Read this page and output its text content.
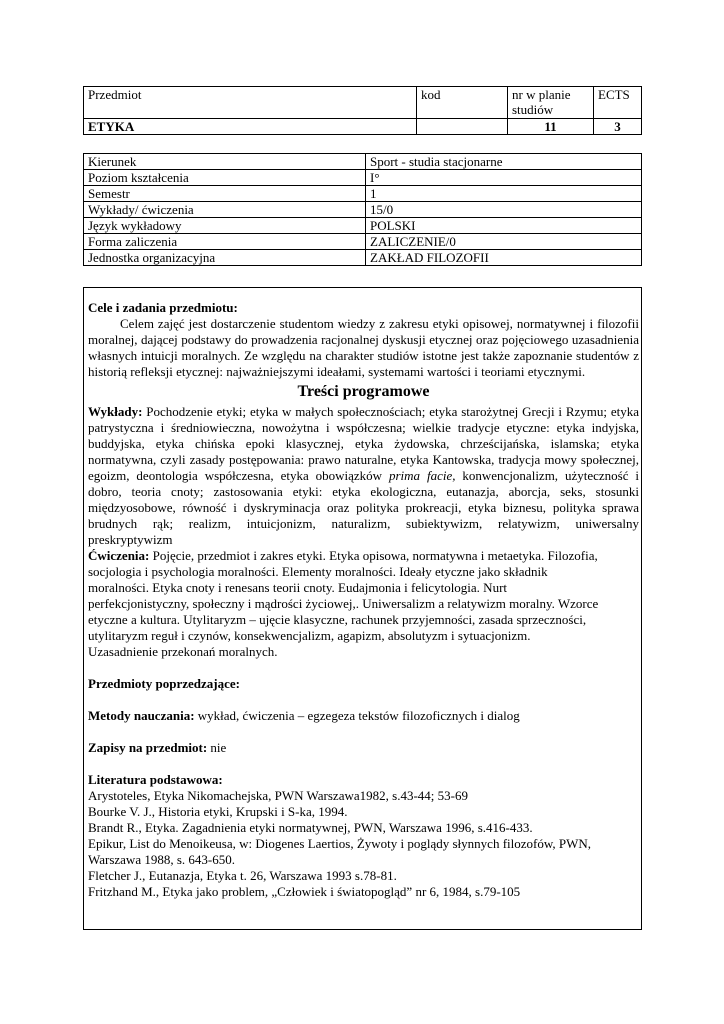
Przedmiot	kod	nr w planie studiów	ECTS
ETYKA		11	3
Kierunek	Sport - studia stacjonarne
Poziom kształcenia	I°
Semestr	1
Wykłady/ ćwiczenia	15/0
Język wykładowy	POLSKI
Forma zaliczenia	ZALICZENIE/0
Jednostka organizacyjna	ZAKŁAD FILOZOFII

Cele i zadania przedmiotu:

Celem zajęć jest dostarczenie studentom wiedzy z zakresu etyki opisowej, normatywnej i filozofii moralnej, dającej podstawy do prowadzenia racjonalnej dyskusji etycznej oraz pojęciowego uzasadnienia własnych intuicji moralnych. Ze względu na charakter studiów istotne jest także zapoznanie studentów z historią refleksji etycznej: najważniejszymi ideałami, systemami wartości i teoriami etycznymi.

Treści programowe

Wykłady: Pochodzenie etyki; etyka w małych społecznościach; etyka starożytnej Grecji i Rzymu; etyka patrystyczna i średniowieczna, nowożytna i współczesna; wielkie tradycje etyczne: etyka indyjska, buddyjska, etyka chińska epoki klasycznej, etyka żydowska, chrześcijańska, islamska; etyka normatywna, czyli zasady postępowania: prawo naturalne, etyka Kantowska, tradycja mowy społecznej, egoizm, deontologia współczesna, etyka obowiązków prima facie, konwencjonalizm, użyteczność i dobro, teoria cnoty; zastosowania etyki: etyka ekologiczna, eutanazja, aborcja, seks, stosunki międzyosobowe, równość i dyskryminacja oraz polityka prokreacji, etyka biznesu, polityka sprawa brudnych rąk; realizm, intuicjonizm, naturalizm, subiektywizm, relatywizm, uniwersalny preskryptywizm

Ćwiczenia: Pojęcie, przedmiot i zakres etyki. Etyka opisowa, normatywna i metaetyka. Filozofia,
socjologia i psychologia moralności. Elementy moralności. Ideały etyczne jako składnik
moralności. Etyka cnoty i renesans teorii cnoty. Eudajmonia i felicytologia. Nurt
perfekcjonistyczny, społeczny i mądrości życiowej,. Uniwersalizm a relatywizm moralny. Wzorce
etyczne a kultura. Utylitaryzm – ujęcie klasyczne, rachunek przyjemności, zasada sprzeczności,
utylitaryzm reguł i czynów, konsekwencjalizm, agapizm, absolutyzm i sytuacjonizm.
Uzasadnienie przekonań moralnych.

Przedmioty poprzedzające:

Metody nauczania: wykład, ćwiczenia – egzegeza tekstów filozoficznych i dialog

Zapisy na przedmiot: nie

Literatura podstawowa:

Arystoteles, Etyka Nikomachejska, PWN Warszawa1982, s.43-44; 53-69

Bourke V. J., Historia etyki, Krupski i S-ka, 1994.

Brandt R., Etyka. Zagadnienia etyki normatywnej, PWN, Warszawa 1996, s.416-433.

Epikur, List do Menoikeusa, w: Diogenes Laertios, Żywoty i poglądy słynnych filozofów, PWN, Warszawa 1988, s. 643-650.

Fletcher J., Eutanazja, Etyka t. 26, Warszawa 1993 s.78-81.

Fritzhand M., Etyka jako problem, „Człowiek i światopogląd” nr 6, 1984, s.79-105
